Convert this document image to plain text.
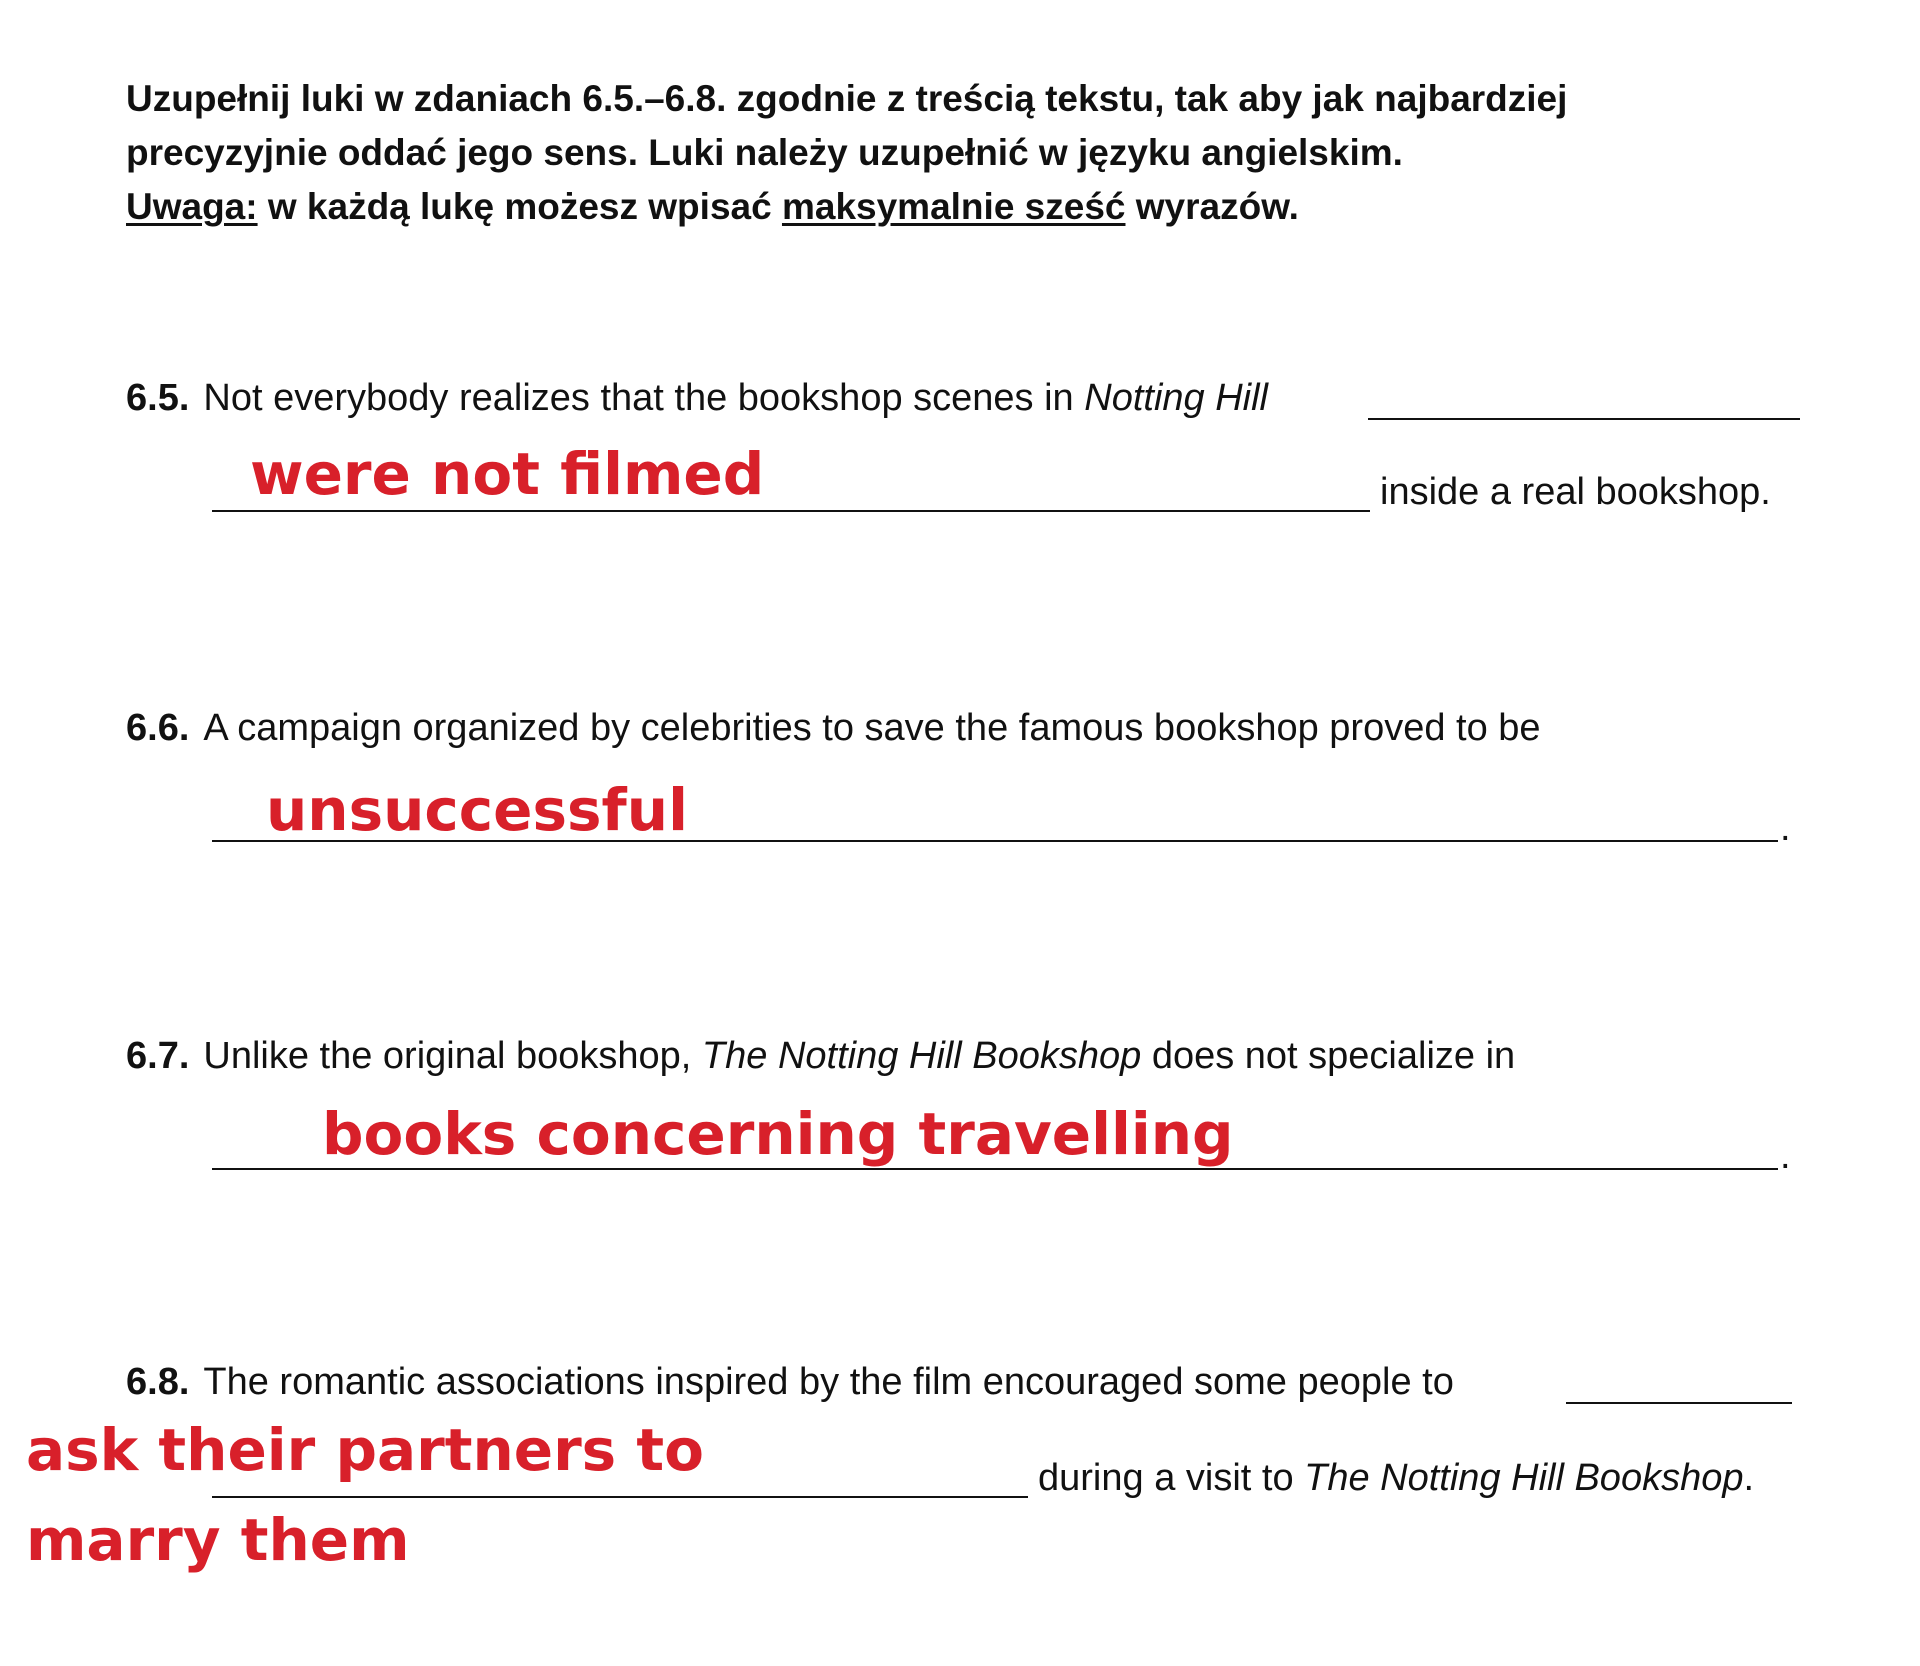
Uzupełnij luki w zdaniach 6.5.–6.8. zgodnie z treścią tekstu, tak aby jak najbardziej
precyzyjnie oddać jego sens. Luki należy uzupełnić w języku angielskim.
Uwaga: w każdą lukę możesz wpisać maksymalnie sześć wyrazów.
6.5. Not everybody realizes that the bookshop scenes in Notting Hill
were not filmed	inside a real bookshop.
6.6. A campaign organized by celebrities to save the famous bookshop proved to be
unsuccessful	.
6.7. Unlike the original bookshop, The Notting Hill Bookshop does not specialize in
books concerning travelling	.
6.8. The romantic associations inspired by the film encouraged some people to
ask their partners to
marry them
during a visit to The Notting Hill Bookshop.
